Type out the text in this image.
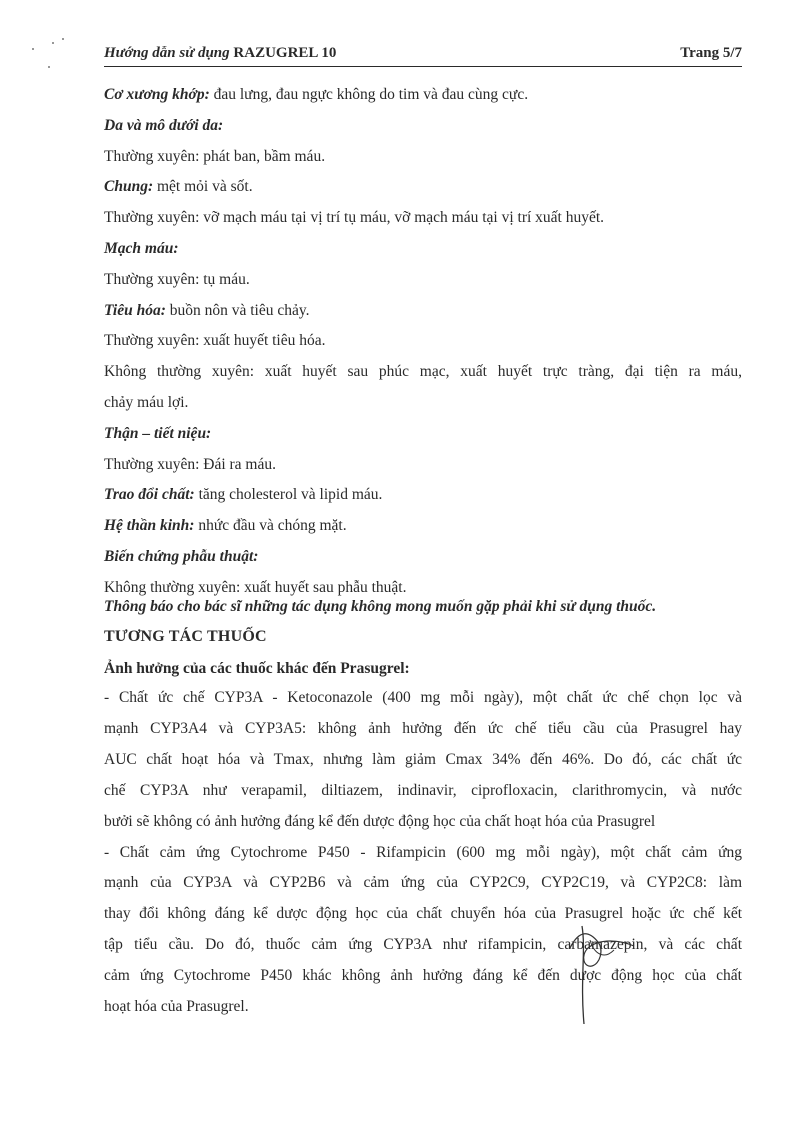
Hướng dẫn sử dụng RAZUGREL 10	Trang 5/7
Cơ xương khớp: đau lưng, đau ngực không do tim và đau cùng cực.
Da và mô dưới da:
Thường xuyên: phát ban, bầm máu.
Chung: mệt mỏi và sốt.
Thường xuyên: vỡ mạch máu tại vị trí tụ máu, vỡ mạch máu tại vị trí xuất huyết.
Mạch máu:
Thường xuyên: tụ máu.
Tiêu hóa: buồn nôn và tiêu chảy.
Thường xuyên: xuất huyết tiêu hóa.
Không thường xuyên: xuất huyết sau phúc mạc, xuất huyết trực tràng, đại tiện ra máu,
chảy máu lợi.
Thận – tiết niệu:
Thường xuyên: Đái ra máu.
Trao đổi chất: tăng cholesterol và lipid máu.
Hệ thần kinh: nhức đầu và chóng mặt.
Biến chứng phẫu thuật:
Không thường xuyên: xuất huyết sau phẫu thuật.
Thông báo cho bác sĩ những tác dụng không mong muốn gặp phải khi sử dụng thuốc.
TƯƠNG TÁC THUỐC
Ảnh hưởng của các thuốc khác đến Prasugrel:
- Chất ức chế CYP3A - Ketoconazole (400 mg mỗi ngày), một chất ức chế chọn lọc và
mạnh CYP3A4 và CYP3A5: không ảnh hưởng đến ức chế tiểu cầu của Prasugrel hay
AUC chất hoạt hóa và Tmax, nhưng làm giảm Cmax 34% đến 46%. Do đó, các chất ức
chế CYP3A như verapamil, diltiazem, indinavir, ciprofloxacin, clarithromycin, và nước
bưởi sẽ không có ảnh hưởng đáng kể đến dược động học của chất hoạt hóa của Prasugrel
- Chất cảm ứng Cytochrome P450 - Rifampicin (600 mg mỗi ngày), một chất cảm ứng
mạnh của CYP3A và CYP2B6 và cảm ứng của CYP2C9, CYP2C19, và CYP2C8: làm
thay đổi không đáng kể dược động học của chất chuyển hóa của Prasugrel hoặc ức chế kết
tập tiểu cầu. Do đó, thuốc cảm ứng CYP3A như rifampicin, carbamazepin, và các chất
cảm ứng Cytochrome P450 khác không ảnh hưởng đáng kể đến dược động học của chất
hoạt hóa của Prasugrel.
